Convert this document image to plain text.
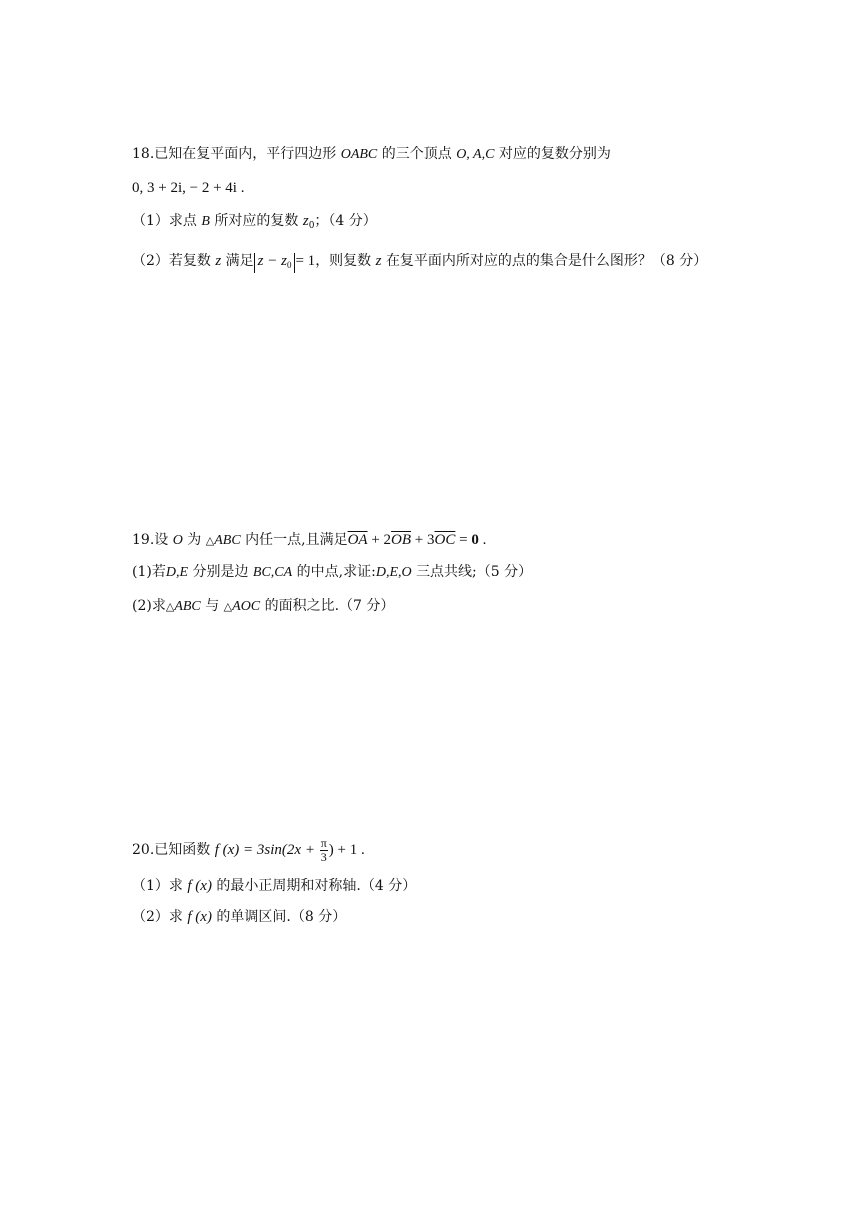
18.已知在复平面内，平行四边形 OABC 的三个顶点 O, A,C 对应的复数分别为
0, 3 + 2i, − 2 + 4i .
（1）求点 B 所对应的复数 $z_0$；（4 分）
（2）若复数 z 满足 $z - z_0 = 1$，则复数 z 在复平面内所对应的点的集合是什么图形？（8 分）
19.设 O 为 △ABC 内任一点,且满足$\overline{OA} + 2\overline{OB} + 3\overline{OC} = 0$ .
(1)若D,E 分别是边 BC,CA 的中点,求证:D,E,O 三点共线;（5 分）
(2)求△ABC 与 △AOC 的面积之比.（7 分）
20.已知函数 f $(x) = 3\sin(2x + \frac{\pi}{3}$ ) + 1 .
（1）求 f (x) 的最小正周期和对称轴.（4 分）
（2）求 f (x) 的单调区间.（8 分）
